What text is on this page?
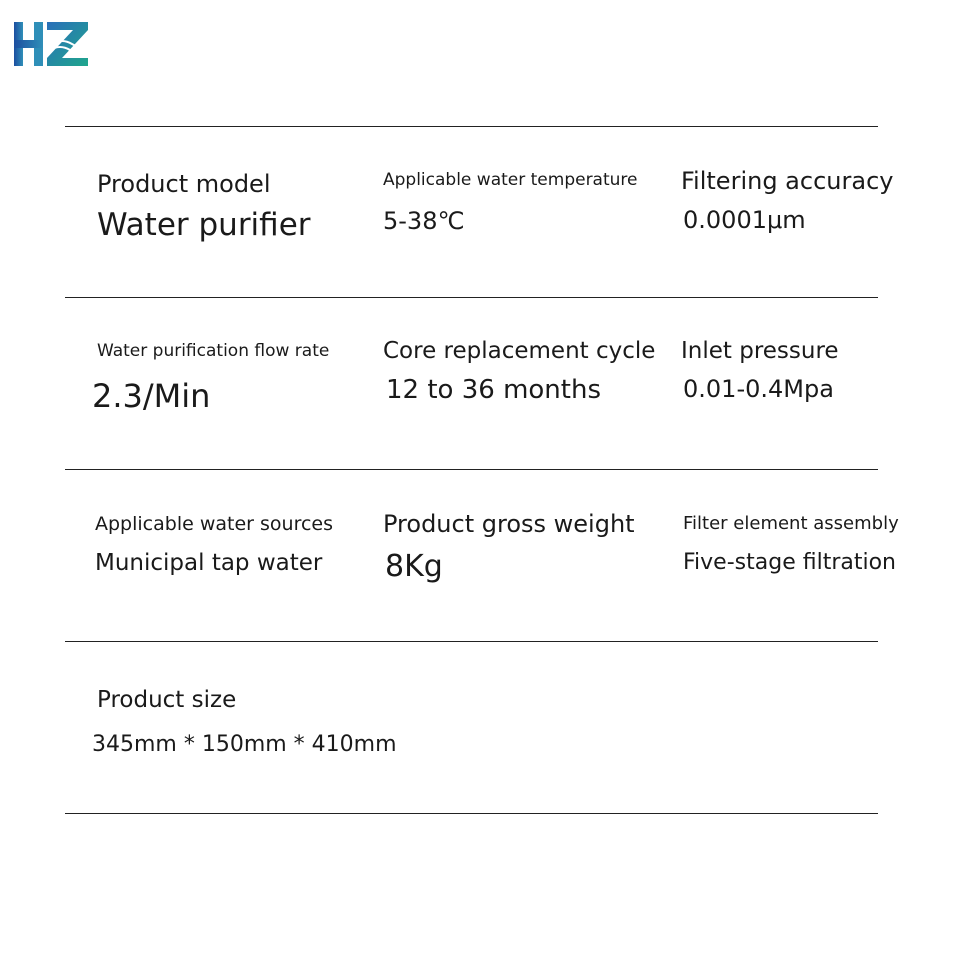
Product model
Water purifier
Applicable water temperature
5-38℃
Filtering accuracy
0.0001μm
Water purification flow rate
2.3/Min
Core replacement cycle
12 to 36 months
Inlet pressure
0.01-0.4Mpa
Applicable water sources
Municipal tap water
Product gross weight
8Kg
Filter element assembly
Five-stage filtration
Product size
345mm * 150mm * 410mm
